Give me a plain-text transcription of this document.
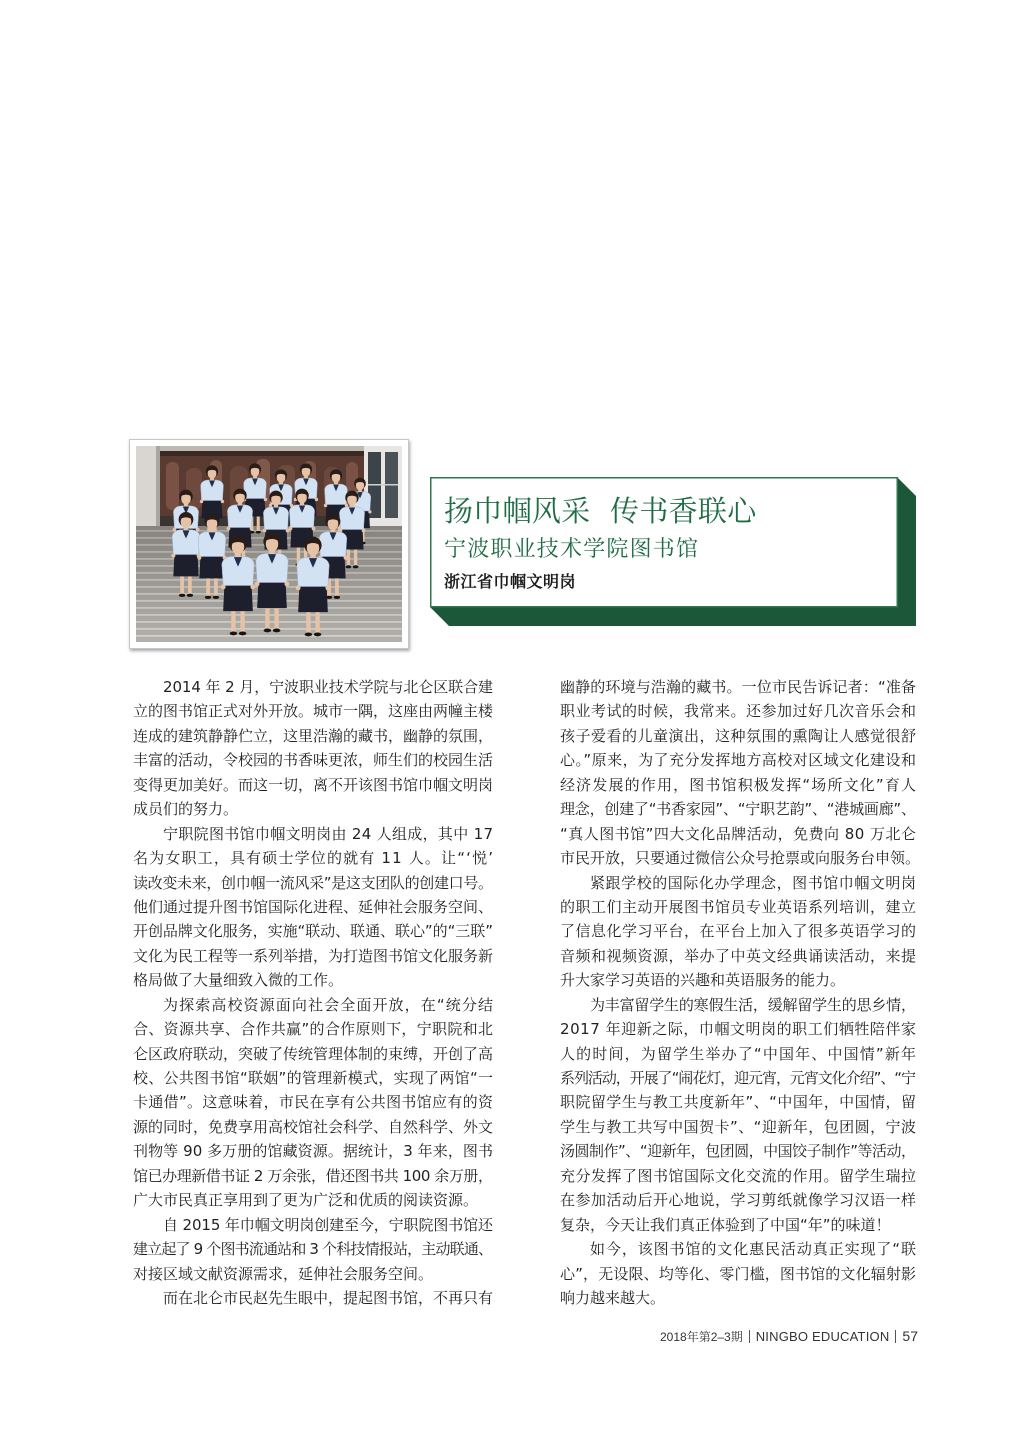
扬巾帼风采 传书香联心
宁波职业技术学院图书馆
浙江省巾帼文明岗
2014 年 2 月，宁波职业技术学院与北仑区联合建
立的图书馆正式对外开放。城市一隅，这座由两幢主楼
连成的建筑静静伫立，这里浩瀚的藏书，幽静的氛围，
丰富的活动，令校园的书香味更浓，师生们的校园生活
变得更加美好。而这一切，离不开该图书馆巾帼文明岗
成员们的努力。
宁职院图书馆巾帼文明岗由 24 人组成，其中 17
名为女职工，具有硕士学位的就有 11 人。让“‘悦’
读改变未来，创巾帼一流风采”是这支团队的创建口号。
他们通过提升图书馆国际化进程、延伸社会服务空间、
开创品牌文化服务，实施“联动、联通、联心”的“三联”
文化为民工程等一系列举措，为打造图书馆文化服务新
格局做了大量细致入微的工作。
为探索高校资源面向社会全面开放，在“统分结
合、资源共享、合作共赢”的合作原则下，宁职院和北
仑区政府联动，突破了传统管理体制的束缚，开创了高
校、公共图书馆“联姻”的管理新模式，实现了两馆“一
卡通借”。这意味着，市民在享有公共图书馆应有的资
源的同时，免费享用高校馆社会科学、自然科学、外文
刊物等 90 多万册的馆藏资源。据统计，3 年来，图书
馆已办理新借书证 2 万余张，借还图书共 100 余万册，
广大市民真正享用到了更为广泛和优质的阅读资源。
自 2015 年巾帼文明岗创建至今，宁职院图书馆还
建立起了 9 个图书流通站和 3 个科技情报站，主动联通、
对接区域文献资源需求，延伸社会服务空间。
而在北仑市民赵先生眼中，提起图书馆，不再只有
幽静的环境与浩瀚的藏书。一位市民告诉记者：“准备
职业考试的时候，我常来。还参加过好几次音乐会和
孩子爱看的儿童演出，这种氛围的熏陶让人感觉很舒
心。”原来，为了充分发挥地方高校对区域文化建设和
经济发展的作用，图书馆积极发挥“场所文化”育人
理念，创建了“书香家园”、“宁职艺韵”、“港城画廊”、
“真人图书馆”四大文化品牌活动，免费向 80 万北仑
市民开放，只要通过微信公众号抢票或向服务台申领。
紧跟学校的国际化办学理念，图书馆巾帼文明岗
的职工们主动开展图书馆员专业英语系列培训，建立
了信息化学习平台，在平台上加入了很多英语学习的
音频和视频资源，举办了中英文经典诵读活动，来提
升大家学习英语的兴趣和英语服务的能力。
为丰富留学生的寒假生活，缓解留学生的思乡情，
2017 年迎新之际，巾帼文明岗的职工们牺牲陪伴家
人的时间，为留学生举办了“中国年、中国情”新年
系列活动，开展了“闹花灯，迎元宵，元宵文化介绍”、“宁
职院留学生与教工共度新年”、“中国年，中国情，留
学生与教工共写中国贺卡”、“迎新年，包团圆，宁波
汤圆制作”、“迎新年，包团圆，中国饺子制作”等活动，
充分发挥了图书馆国际文化交流的作用。留学生瑞拉
在参加活动后开心地说，学习剪纸就像学习汉语一样
复杂，今天让我们真正体验到了中国“年”的味道！
如今，该图书馆的文化惠民活动真正实现了“联
心”，无设限、均等化、零门槛，图书馆的文化辐射影
响力越来越大。
2018年第2–3期 NINGBO EDUCATION 57
